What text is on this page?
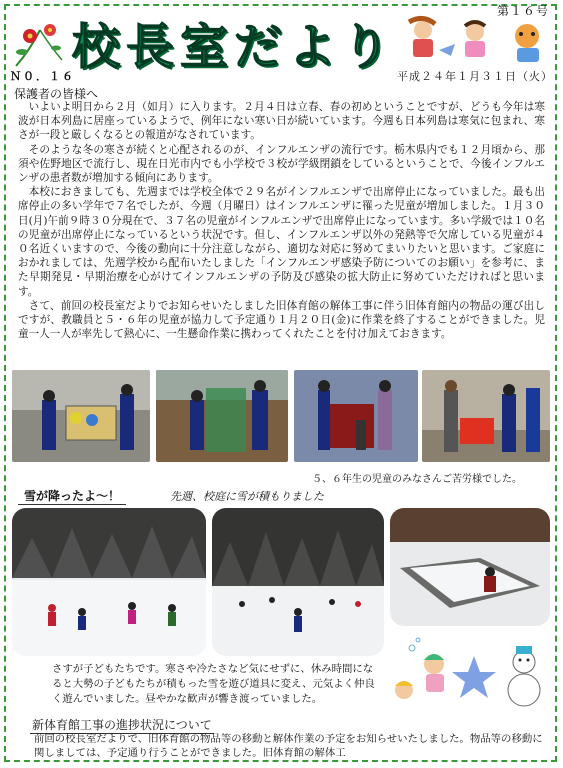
第１６号
校 長 室 だ よ り
Ｎ０．１６	平成２４年１月３１日（火）
保護者の皆様へ

いよいよ明日から２月（如月）に入ります。２月４日は立春、春の初めということですが、どうも今年は寒波が日本列島に居座っているようで、例年にない寒い日が続いています。今週も日本列島は寒気に包まれ、寒さが一段と厳しくなるとの報道がなされています。

そのような冬の寒さが続くと心配されるのが、インフルエンザの流行です。栃木県内でも１２月頃から、那須や佐野地区で流行し、現在日光市内でも小学校で３校が学級閉鎖をしているということで、今後インフルエンザの患者数が増加する傾向にあります。

本校におきましても、先週までは学校全体で２９名がインフルエンザで出席停止になっていました。最も出席停止の多い学年で７名でしたが、今週（月曜日）はインフルエンザに罹った児童が増加しました。１月３０日(月)午前９時３０分現在で、３７名の児童がインフルエンザで出席停止になっています。多い学級では１０名の児童が出席停止になっているという状況です。但し、インフルエンザ以外の発熱等で欠席している児童が４０名近くいますので、今後の動向に十分注意しながら、適切な対応に努めてまいりたいと思います。ご家庭におかれましては、先週学校から配布いたしました「インフルエンザ感染予防についてのお願い」を参考に、また早期発見・早期治療を心がけてインフルエンザの予防及び感染の拡大防止に努めていただければと思います。

さて、前回の校長室だよりでお知らせいたしました旧体育館の解体工事に伴う旧体育館内の物品の運び出しですが、教職員と５・６年の児童が協力して予定通り１月２０日(金)に作業を終了することができました。児童一人一人が率先して熱心に、一生懸命作業に携わってくれたことを付け加えておきます。

５、６年生の児童のみなさんご苦労様でした。
雪が降ったよ〜！	先週、校庭に雪が積もりました
さすが子どもたちです。寒さや冷たさなど気にせずに、休み時間になると大勢の子どもたちが積もった雪を遊び道具に変え、元気よく仲良く遊んでいました。昼やかな歓声が響き渡っていました。
新体育館工事の進捗状況について
前回の校長室だよりで、旧体育館の物品等の移動と解体作業の予定をお知らせいたしました。物品等の移動に関しましては、予定通り行うことができました。旧体育館の解体工
